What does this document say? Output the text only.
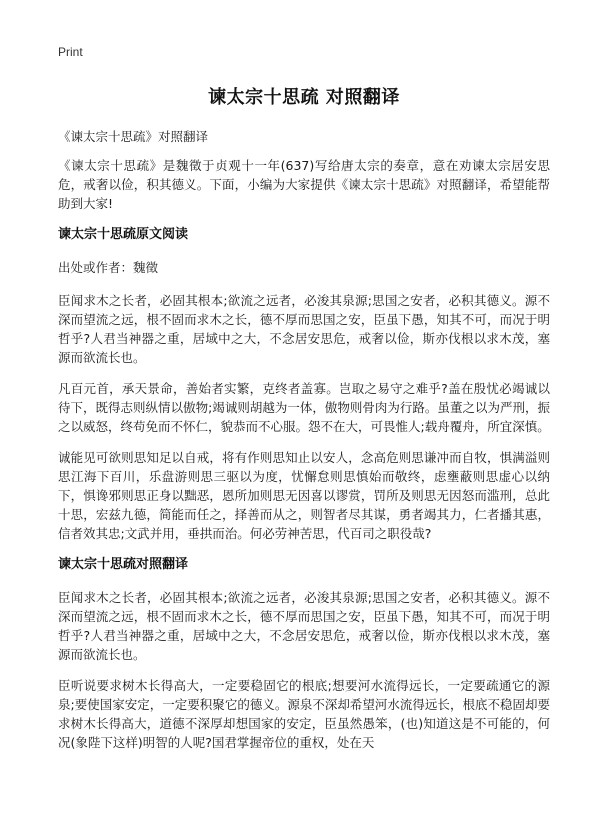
Print
谏太宗十思疏 对照翻译

《谏太宗十思疏》对照翻译

《谏太宗十思疏》是魏徵于贞观十一年(637)写给唐太宗的奏章，意在劝谏太宗居安思危，戒奢以俭，积其德义。下面，小编为大家提供《谏太宗十思疏》对照翻译，希望能帮助到大家!

谏太宗十思疏原文阅读

出处或作者：魏徵

臣闻求木之长者，必固其根本;欲流之远者，必浚其泉源;思国之安者，必积其德义。源不深而望流之远，根不固而求木之长，德不厚而思国之安，臣虽下愚，知其不可，而况于明哲乎?人君当神器之重，居域中之大，不念居安思危，戒奢以俭，斯亦伐根以求木茂，塞源而欲流长也。

凡百元首，承天景命，善始者实繁，克终者盖寡。岂取之易守之难乎?盖在殷忧必竭诚以待下，既得志则纵情以傲物;竭诚则胡越为一体，傲物则骨肉为行路。虽董之以为严刑，振之以威怒，终苟免而不怀仁，貌恭而不心服。怨不在大，可畏惟人;载舟覆舟，所宜深慎。

诚能见可欲则思知足以自戒，将有作则思知止以安人，念高危则思谦冲而自牧，惧满溢则思江海下百川，乐盘游则思三驱以为度，忧懈怠则思慎始而敬终，虑壅蔽则思虚心以纳下，惧谗邪则思正身以黜恶，恩所加则思无因喜以谬赏，罚所及则思无因怒而滥刑，总此十思，宏兹九德，简能而任之，择善而从之，则智者尽其谋，勇者竭其力，仁者播其惠，信者效其忠;文武并用，垂拱而治。何必劳神苦思，代百司之职役哉?

谏太宗十思疏对照翻译

臣闻求木之长者，必固其根本;欲流之远者，必浚其泉源;思国之安者，必积其德义。源不深而望流之远，根不固而求木之长，德不厚而思国之安，臣虽下愚，知其不可，而况于明哲乎?人君当神器之重，居域中之大，不念居安思危，戒奢以俭，斯亦伐根以求木茂，塞源而欲流长也。

臣听说要求树木长得高大，一定要稳固它的根底;想要河水流得远长，一定要疏通它的源泉;要使国家安定，一定要积聚它的德义。源泉不深却希望河水流得远长，根底不稳固却要求树木长得高大，道德不深厚却想国家的安定，臣虽然愚笨，(也)知道这是不可能的，何况(象陛下这样)明智的人呢?国君掌握帝位的重权，处在天
